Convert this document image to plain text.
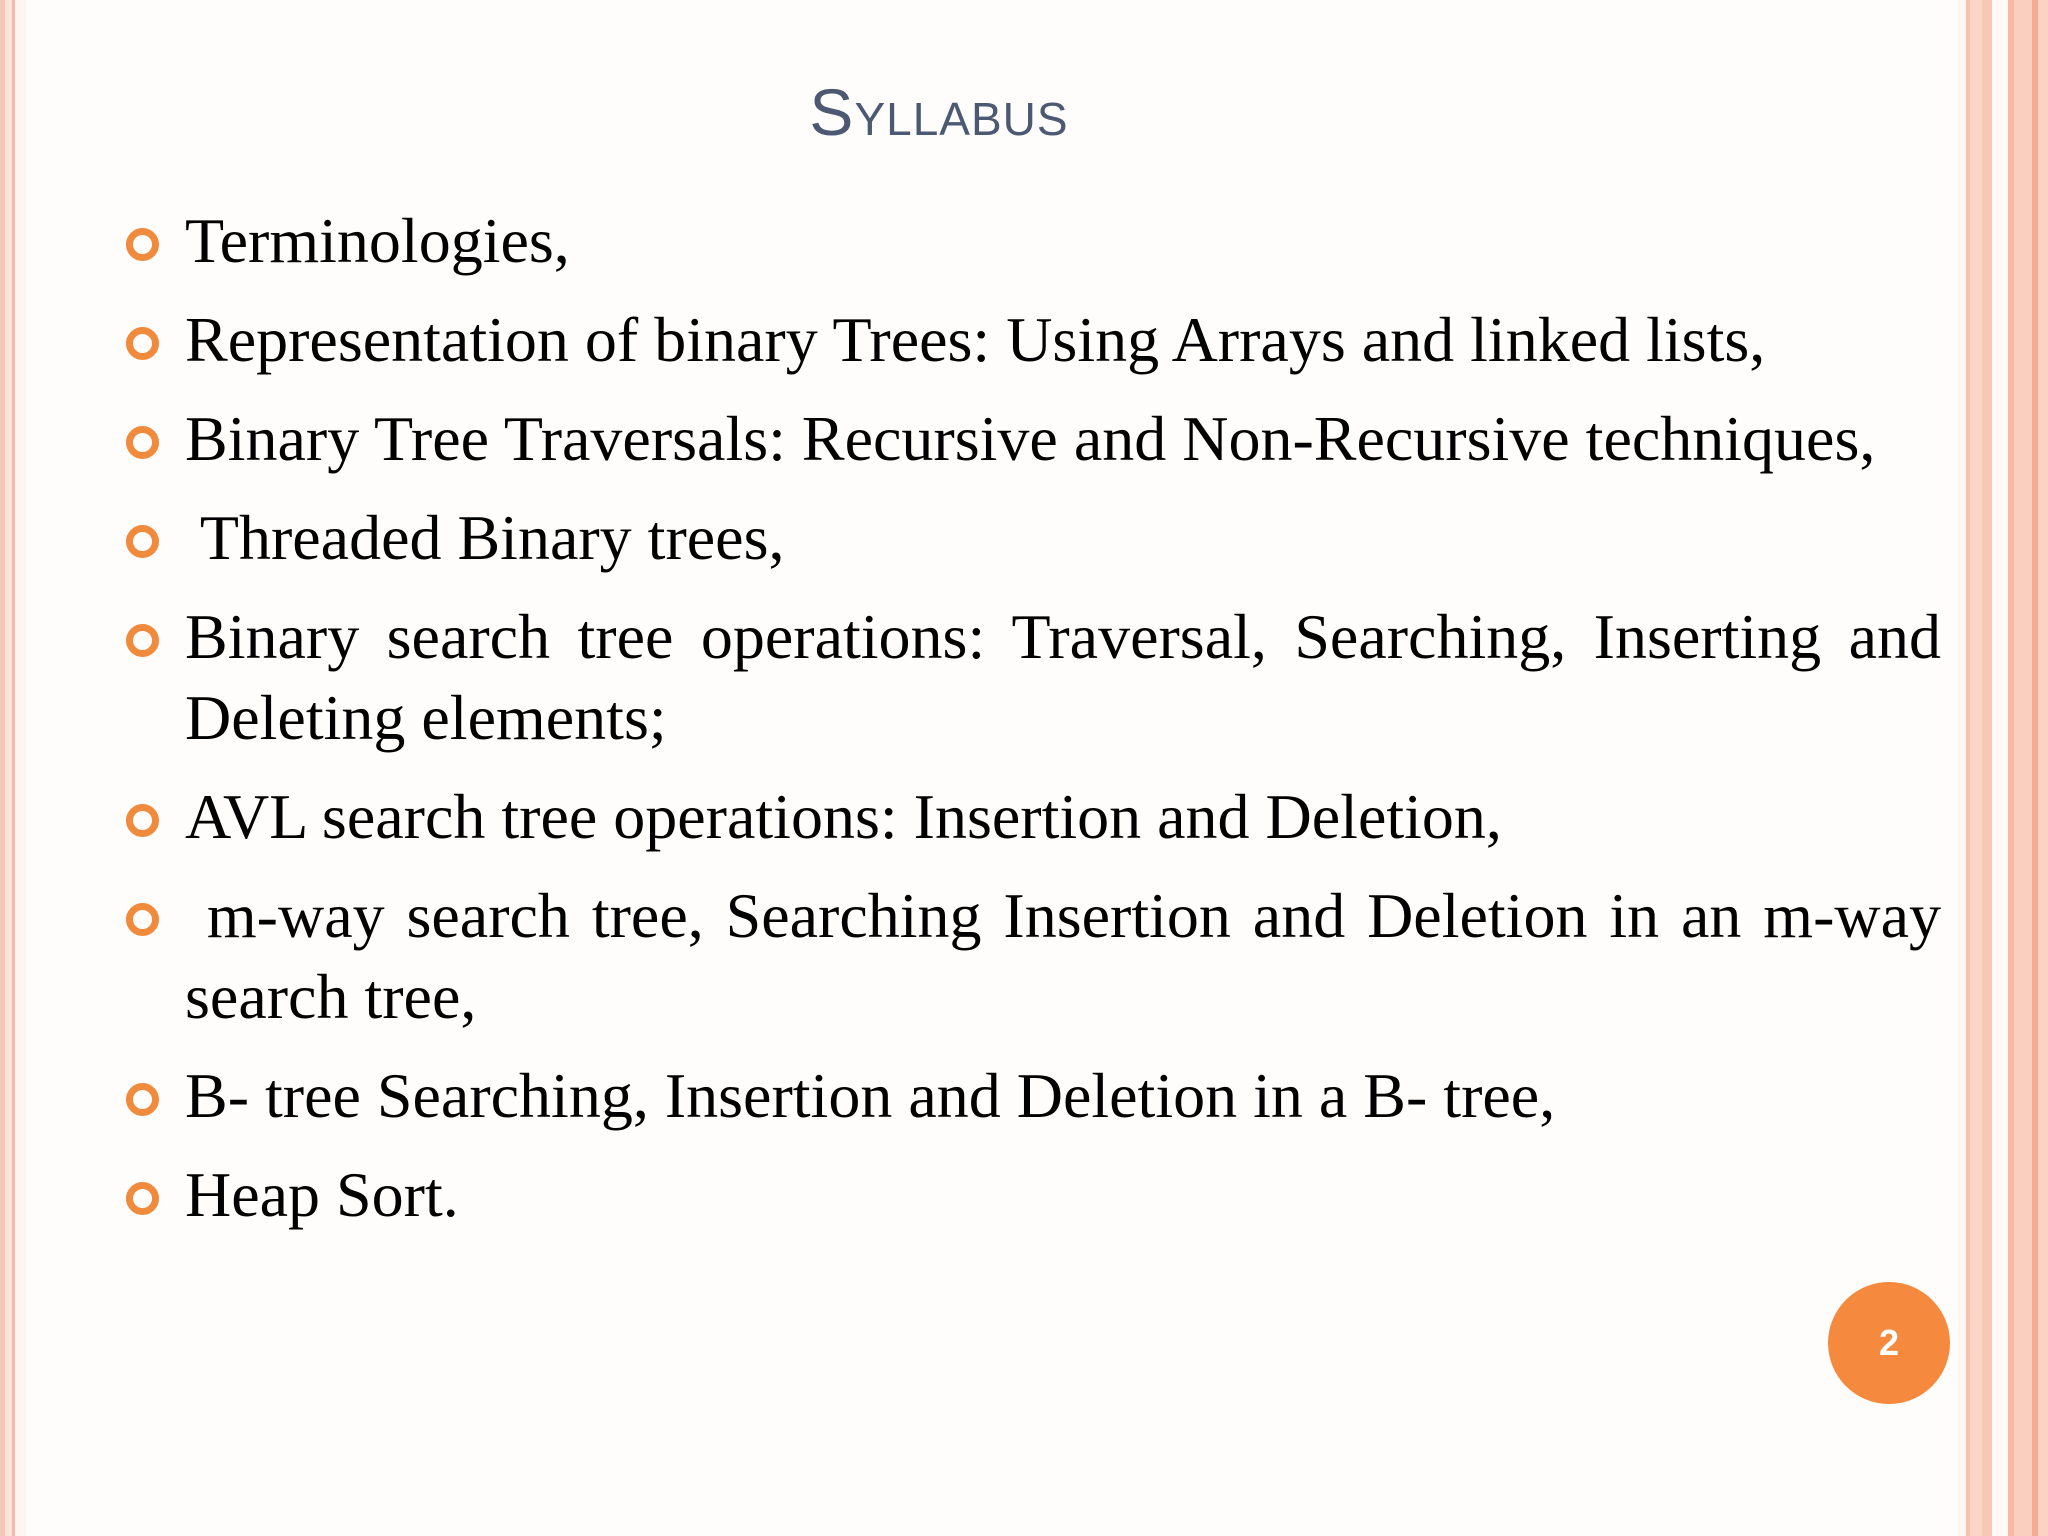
Syllabus
Terminologies,
Representation of binary Trees: Using Arrays and linked lists,
Binary Tree Traversals: Recursive and Non-Recursive techniques,
Threaded Binary trees,
Binary search tree operations: Traversal, Searching, Inserting and Deleting elements;
AVL search tree operations: Insertion and Deletion,
m-way search tree, Searching Insertion and Deletion in an m-way search tree,
B- tree Searching, Insertion and Deletion in a B- tree,
Heap Sort.
2
